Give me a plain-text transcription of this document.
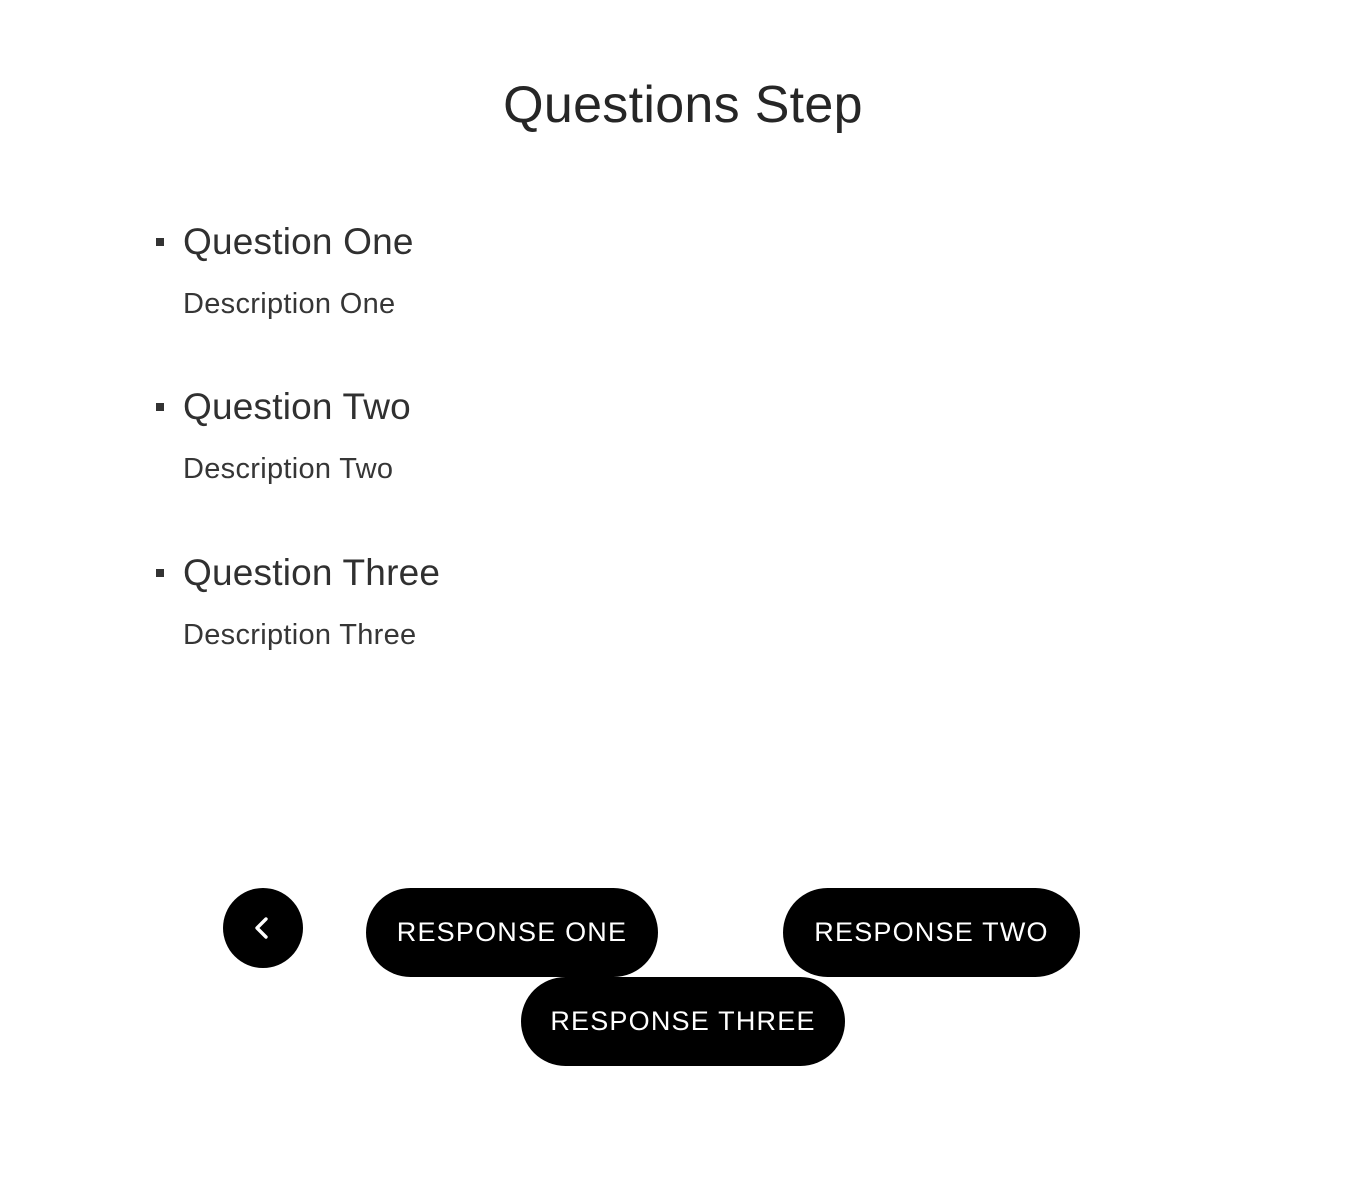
Questions Step
Question One
Description One
Question Two
Description Two
Question Three
Description Three
RESPONSE ONE	RESPONSE TWO
RESPONSE THREE
